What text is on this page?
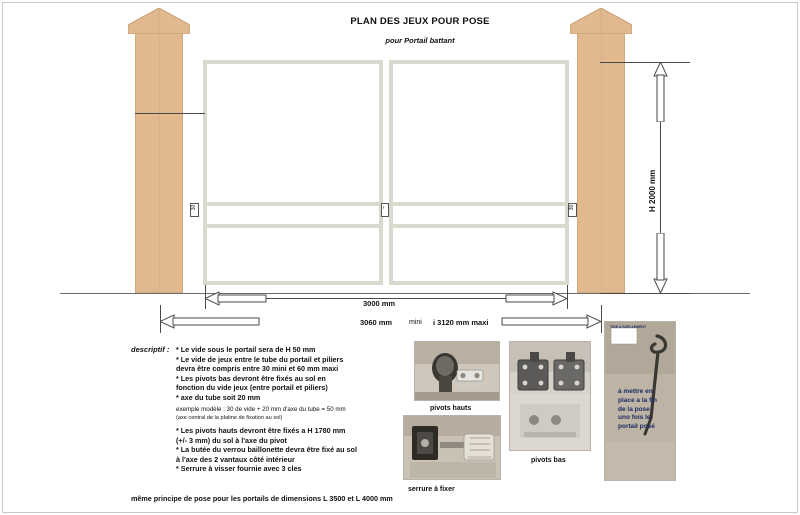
PLAN DES JEUX POUR POSE
pour Portail battant
30	~	30	H 2000 mm
3000 mm
3060 mm mini i 3120 mm maxi
descriptif : * Le vide sous le portail sera de H 50 mm
* Le vide de jeux entre le tube du portail et piliers
devra être compris entre 30 mini et 60 mm maxi
* Les pivots bas devront être fixés au sol en
fonction du vide jeux (entre portail et piliers)
* axe du tube soit 20 mm
exemple modèle : 30 de vide + 20 mm d'axe du tube = 50 mm
(axe central de la platine de fixation au sol)
* Les pivots hauts devront être fixés a H 1780 mm
(+/- 3 mm) du sol à l'axe du pivot
* La butée du verrou baillonette devra être fixé au sol
à l'axe des 2 vantaux côté intérieur
* Serrure à visser fournie avec 3 cles
même principe de pose pour les portails de dimensions L 3500 et L 4000 mm
pivots hauts
pivots bas
serrure à fixer
TIGE A SCELLEMENT
à mettre en place a la fin de la pose uno fois le portail posé
